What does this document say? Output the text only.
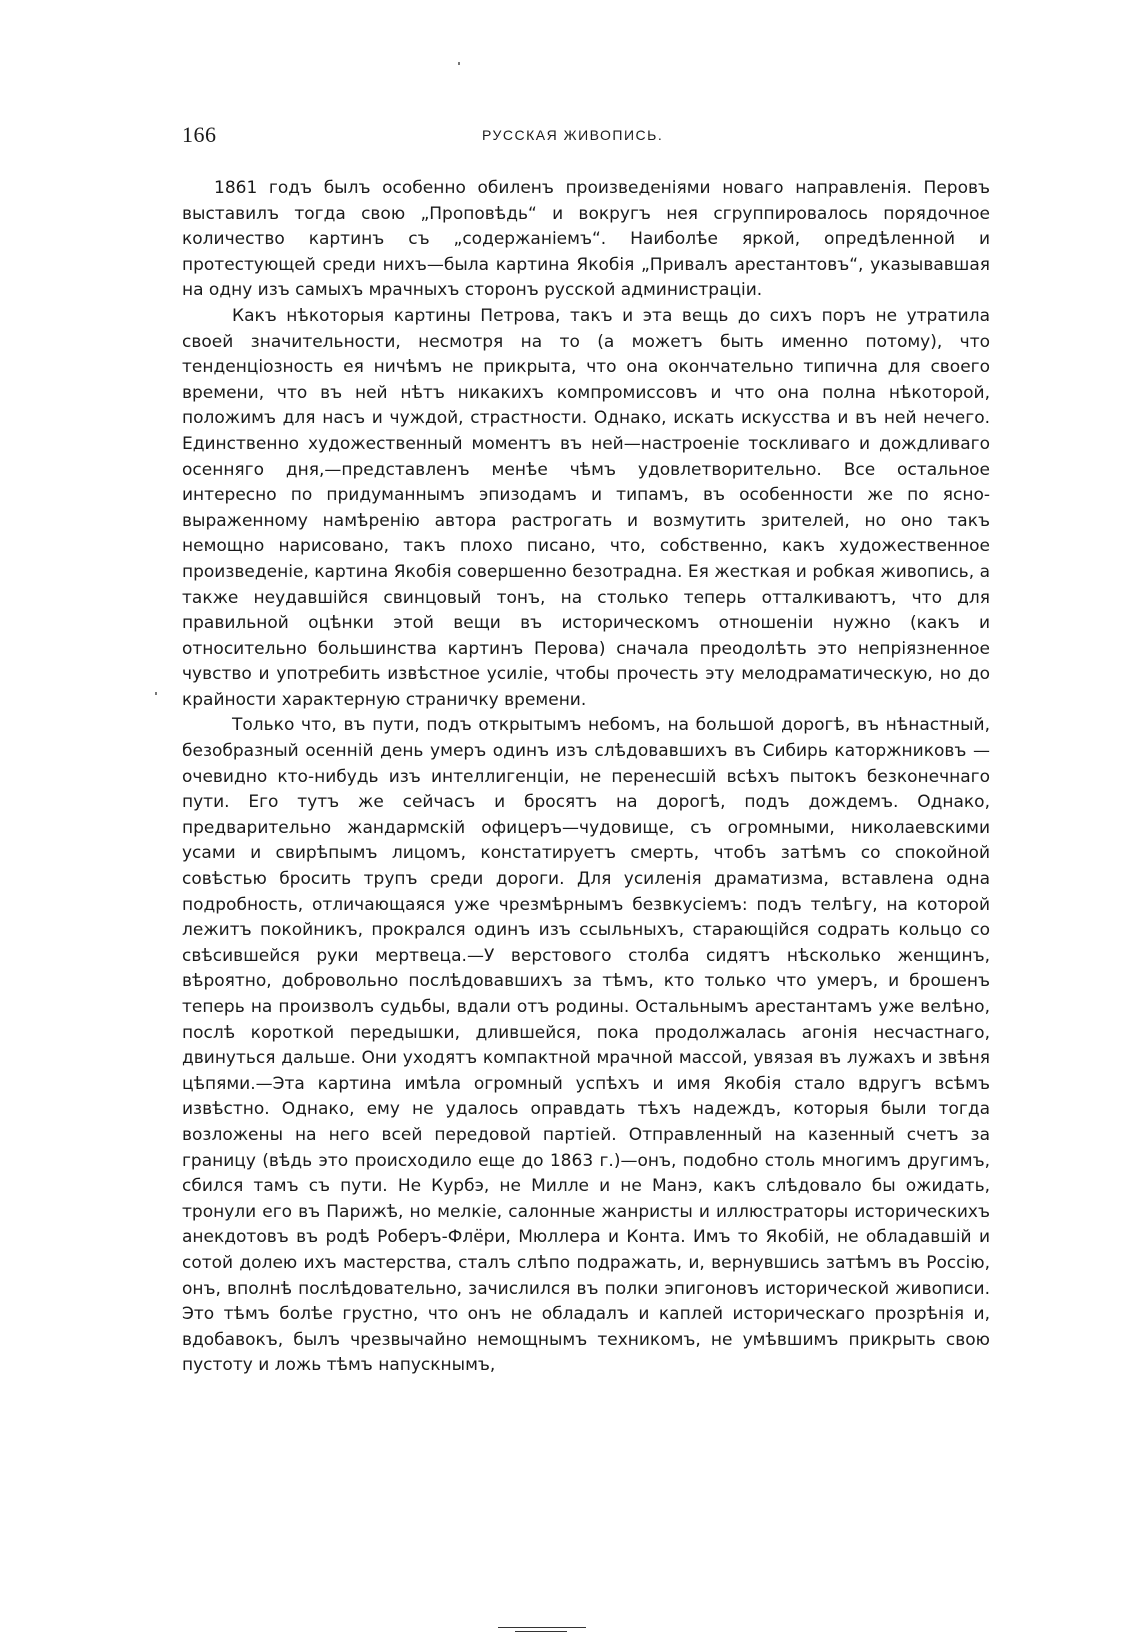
166	РУССКАЯ ЖИВОПИСЬ.

1861 годъ былъ особенно обиленъ произведеніями новаго направленія. Перовъ выставилъ тогда свою „Проповѣдь“ и вокругъ нея сгруппировалось порядочное количество картинъ съ „содержаніемъ“. Наиболѣе яркой, опредѣленной и протестующей среди нихъ—была картина Якобія „Привалъ арестантовъ“, указывавшая на одну изъ самыхъ мрачныхъ сторонъ русской администраціи.

Какъ нѣкоторыя картины Петрова, такъ и эта вещь до сихъ поръ не утратила своей значительности, несмотря на то (а можетъ быть именно потому), что тенденціозность ея ничѣмъ не прикрыта, что она окончательно типична для своего времени, что въ ней нѣтъ никакихъ компромиссовъ и что она полна нѣкоторой, положимъ для насъ и чуждой, страстности. Однако, искать искусства и въ ней нечего. Единственно художественный моментъ въ ней—настроеніе тоскливаго и дождливаго осенняго дня,—представленъ менѣе чѣмъ удовлетворительно. Все остальное интересно по придуманнымъ эпизодамъ и типамъ, въ особенности же по ясно-выраженному намѣренію автора растрогать и возмутить зрителей, но оно такъ немощно нарисовано, такъ плохо писано, что, собственно, какъ художественное произведеніе, картина Якобія совершенно безотрадна. Ея жесткая и робкая живопись, а также неудавшійся свинцовый тонъ, на столько теперь отталкиваютъ, что для правильной оцѣнки этой вещи въ историческомъ отношеніи нужно (какъ и относительно большинства картинъ Перова) сначала преодолѣть это непріязненное чувство и употребить извѣстное усиліе, чтобы прочесть эту мелодраматическую, но до крайности характерную страничку времени.

Только что, въ пути, подъ открытымъ небомъ, на большой дорогѣ, въ нѣнастный, безобразный осенній день умеръ одинъ изъ слѣдовавшихъ въ Сибирь каторжниковъ — очевидно кто-нибудь изъ интеллигенціи, не перенесшій всѣхъ пытокъ безконечнаго пути. Его тутъ же сейчасъ и бросятъ на дорогѣ, подъ дождемъ. Однако, предварительно жандармскій офицеръ—чудовище, съ огромными, николаевскими усами и свирѣпымъ лицомъ, констатируетъ смерть, чтобъ затѣмъ со спокойной совѣстью бросить трупъ среди дороги. Для усиленія драматизма, вставлена одна подробность, отличающаяся уже чрезмѣрнымъ безвкусіемъ: подъ телѣгу, на которой лежитъ покойникъ, прокрался одинъ изъ ссыльныхъ, старающійся содрать кольцо со свѣсившейся руки мертвеца.—У верстового столба сидятъ нѣсколько женщинъ, вѣроятно, добровольно послѣдовавшихъ за тѣмъ, кто только что умеръ, и брошенъ теперь на произволъ судьбы, вдали отъ родины. Остальнымъ арестантамъ уже велѣно, послѣ короткой передышки, длившейся, пока продолжалась агонія несчастнаго, двинуться дальше. Они уходятъ компактной мрачной массой, увязая въ лужахъ и звѣня цѣпями.—Эта картина имѣла огромный успѣхъ и имя Якобія стало вдругъ всѣмъ извѣстно. Однако, ему не удалось оправдать тѣхъ надеждъ, которыя были тогда возложены на него всей передовой партіей. Отправленный на казенный счетъ за границу (вѣдь это происходило еще до 1863 г.)—онъ, подобно столь многимъ другимъ, сбился тамъ съ пути. Не Курбэ, не Милле и не Манэ, какъ слѣдовало бы ожидать, тронули его въ Парижѣ, но мелкіе, салонные жанристы и иллюстраторы историческихъ анекдотовъ въ родѣ Роберъ-Флёри, Мюллера и Конта. Имъ то Якобій, не обладавшій и сотой долею ихъ мастерства, сталъ слѣпо подражать, и, вернувшись затѣмъ въ Россію, онъ, вполнѣ послѣдовательно, зачислился въ полки эпигоновъ исторической живописи. Это тѣмъ болѣе грустно, что онъ не обладалъ и каплей историческаго прозрѣнія и, вдобавокъ, былъ чрезвычайно немощнымъ техникомъ, не умѣвшимъ прикрыть свою пустоту и ложь тѣмъ напускнымъ,
